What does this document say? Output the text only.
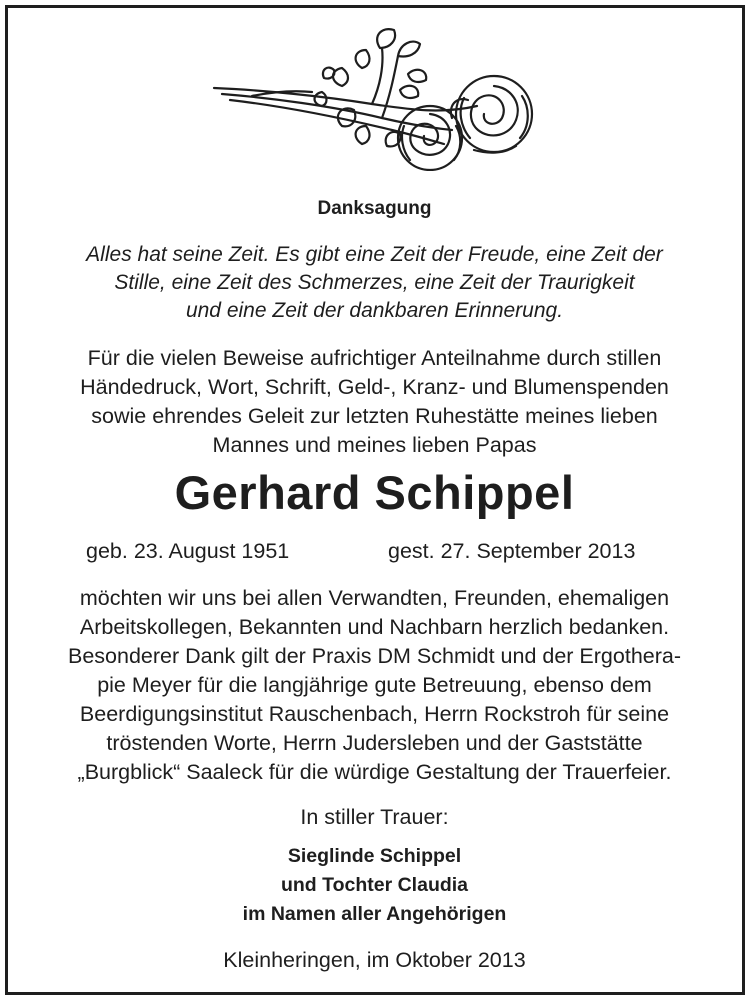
Danksagung
Alles hat seine Zeit. Es gibt eine Zeit der Freude, eine Zeit der
Stille, eine Zeit des Schmerzes, eine Zeit der Traurigkeit
und eine Zeit der dankbaren Erinnerung.
Für die vielen Beweise aufrichtiger Anteilnahme durch stillen
Händedruck, Wort, Schrift, Geld-, Kranz- und Blumenspenden
sowie ehrendes Geleit zur letzten Ruhestätte meines lieben
Mannes und meines lieben Papas
Gerhard Schippel
geb. 23. August 1951	gest. 27. September 2013
möchten wir uns bei allen Verwandten, Freunden, ehemaligen
Arbeitskollegen, Bekannten und Nachbarn herzlich bedanken.
Besonderer Dank gilt der Praxis DM Schmidt und der Ergothera-
pie Meyer für die langjährige gute Betreuung, ebenso dem
Beerdigungsinstitut Rauschenbach, Herrn Rockstroh für seine
tröstenden Worte, Herrn Judersleben und der Gaststätte
„Burgblick“ Saaleck für die würdige Gestaltung der Trauerfeier.
In stiller Trauer:
Sieglinde Schippel
und Tochter Claudia
im Namen aller Angehörigen
Kleinheringen, im Oktober 2013
